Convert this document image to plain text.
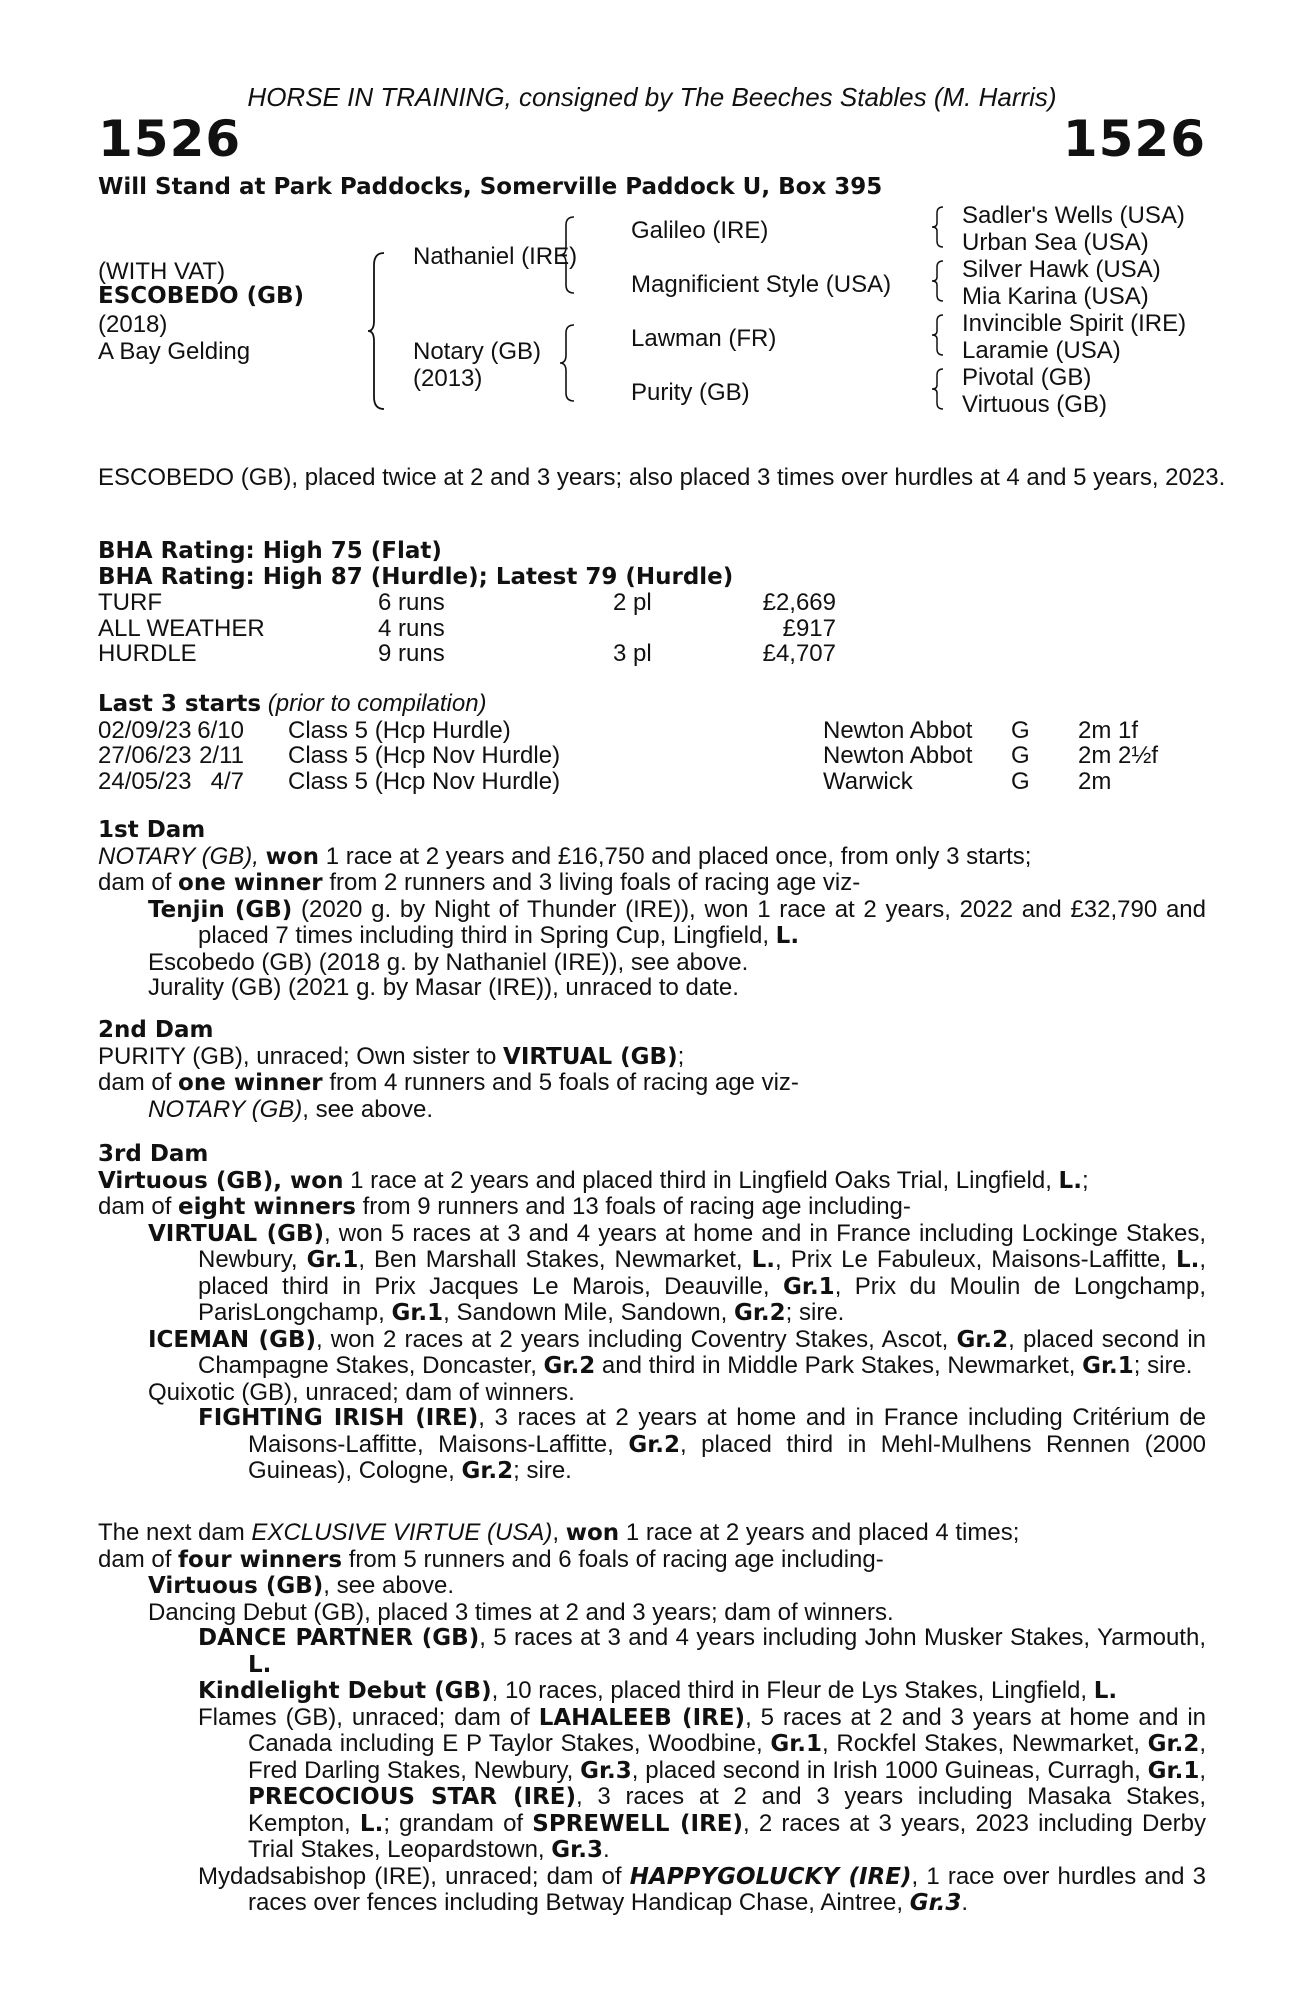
HORSE IN TRAINING, consigned by The Beeches Stables (M. Harris)
1526	1526
Will Stand at Park Paddocks, Somerville Paddock U, Box 395
(WITH VAT)
ESCOBEDO (GB)
(2018)
A Bay Gelding
Nathaniel (IRE)
Notary (GB)
(2013)
Galileo (IRE)
Magnificient Style (USA)
Lawman (FR)
Purity (GB)
Sadler's Wells (USA)
Urban Sea (USA)
Silver Hawk (USA)
Mia Karina (USA)
Invincible Spirit (IRE)
Laramie (USA)
Pivotal (GB)
Virtuous (GB)
ESCOBEDO (GB), placed twice at 2 and 3 years; also placed 3 times over hurdles at 4 and 5 years, 2023.
BHA Rating: High 75 (Flat)
BHA Rating: High 87 (Hurdle); Latest 79 (Hurdle)
TURF	6 runs	2 pl	£2,669
ALL WEATHER	4 runs	£917
HURDLE	9 runs	3 pl	£4,707
Last 3 starts (prior to compilation)
02/09/23 6/10 Class 5 (Hcp Hurdle)	Newton Abbot G 2m 1f
27/06/23 2/11 Class 5 (Hcp Nov Hurdle)	Newton Abbot G 2m 2½f
24/05/23 4/7 Class 5 (Hcp Nov Hurdle)	Warwick	G 2m
1st Dam
NOTARY (GB), won 1 race at 2 years and £16,750 and placed once, from only 3 starts;
dam of one winner from 2 runners and 3 living foals of racing age viz-
Tenjin (GB) (2020 g. by Night of Thunder (IRE)), won 1 race at 2 years, 2022 and £32,790 and placed 7 times including third in Spring Cup, Lingfield, L.
Escobedo (GB) (2018 g. by Nathaniel (IRE)), see above.
Jurality (GB) (2021 g. by Masar (IRE)), unraced to date.
2nd Dam
PURITY (GB), unraced; Own sister to VIRTUAL (GB);
dam of one winner from 4 runners and 5 foals of racing age viz-
NOTARY (GB), see above.
3rd Dam
Virtuous (GB), won 1 race at 2 years and placed third in Lingfield Oaks Trial, Lingfield, L.;
dam of eight winners from 9 runners and 13 foals of racing age including-
VIRTUAL (GB), won 5 races at 3 and 4 years at home and in France including Lockinge Stakes, Newbury, Gr.1, Ben Marshall Stakes, Newmarket, L., Prix Le Fabuleux, Maisons-Laffitte, L., placed third in Prix Jacques Le Marois, Deauville, Gr.1, Prix du Moulin de Longchamp, ParisLongchamp, Gr.1, Sandown Mile, Sandown, Gr.2; sire.
ICEMAN (GB), won 2 races at 2 years including Coventry Stakes, Ascot, Gr.2, placed second in Champagne Stakes, Doncaster, Gr.2 and third in Middle Park Stakes, Newmarket, Gr.1; sire.
Quixotic (GB), unraced; dam of winners.
FIGHTING IRISH (IRE), 3 races at 2 years at home and in France including Critérium de Maisons-Laffitte, Maisons-Laffitte, Gr.2, placed third in Mehl-Mulhens Rennen (2000 Guineas), Cologne, Gr.2; sire.
The next dam EXCLUSIVE VIRTUE (USA), won 1 race at 2 years and placed 4 times;
dam of four winners from 5 runners and 6 foals of racing age including-
Virtuous (GB), see above.
Dancing Debut (GB), placed 3 times at 2 and 3 years; dam of winners.
DANCE PARTNER (GB), 5 races at 3 and 4 years including John Musker Stakes, Yarmouth, L.
Kindlelight Debut (GB), 10 races, placed third in Fleur de Lys Stakes, Lingfield, L.
Flames (GB), unraced; dam of LAHALEEB (IRE), 5 races at 2 and 3 years at home and in Canada including E P Taylor Stakes, Woodbine, Gr.1, Rockfel Stakes, Newmarket, Gr.2, Fred Darling Stakes, Newbury, Gr.3, placed second in Irish 1000 Guineas, Curragh, Gr.1, PRECOCIOUS STAR (IRE), 3 races at 2 and 3 years including Masaka Stakes, Kempton, L.; grandam of SPREWELL (IRE), 2 races at 3 years, 2023 including Derby Trial Stakes, Leopardstown, Gr.3.
Mydadsabishop (IRE), unraced; dam of HAPPYGOLUCKY (IRE), 1 race over hurdles and 3 races over fences including Betway Handicap Chase, Aintree, Gr.3.
